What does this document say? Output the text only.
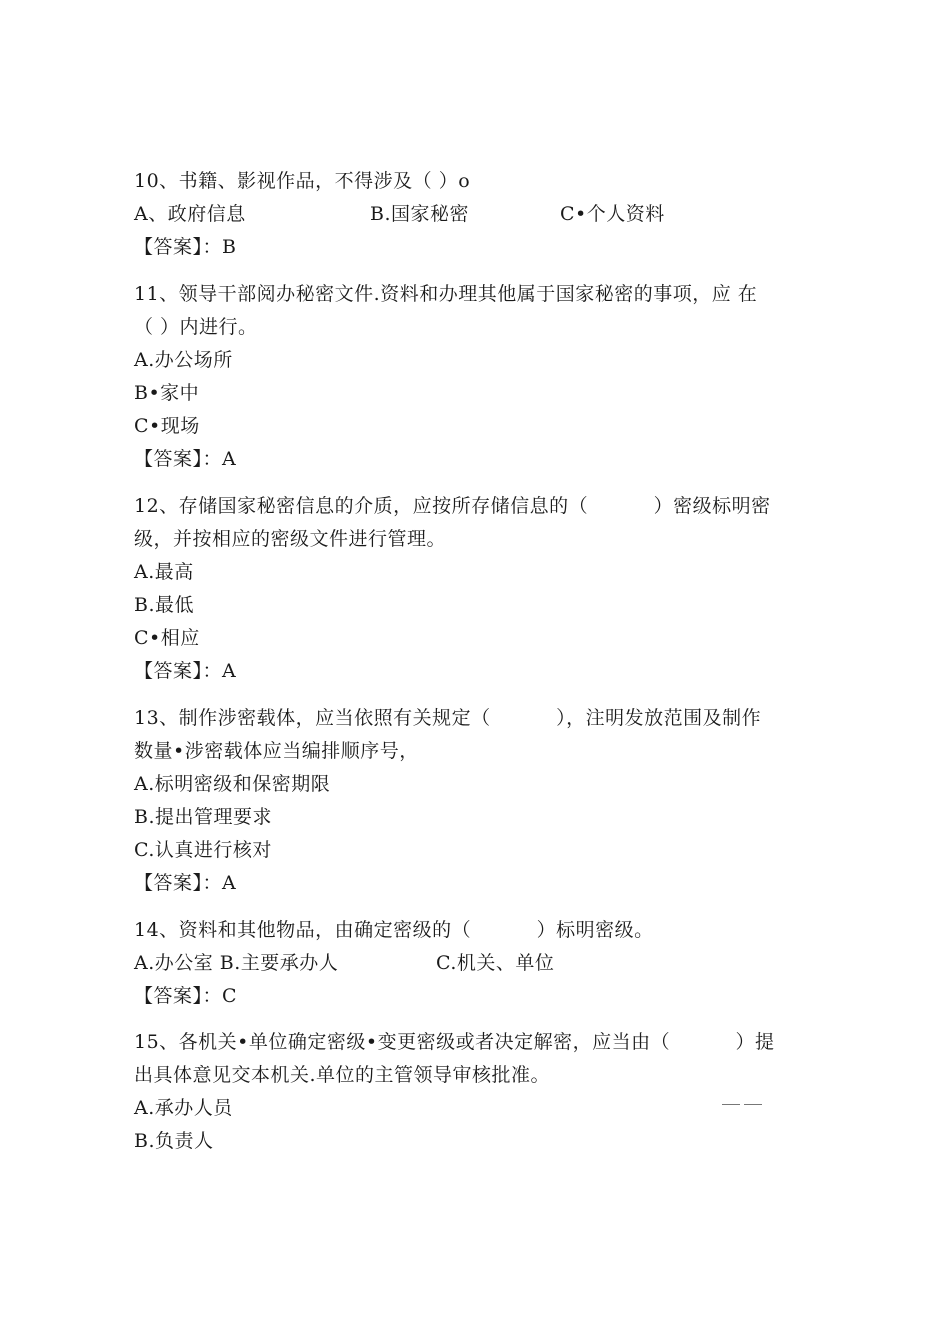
10、书籍、影视作品，不得涉及（ ）o
A、政府信息	B.国家秘密	C•个人资料
【答案】：B
11、领导干部阅办秘密文件.资料和办理其他属于国家秘密的事项，应 在
（ ）内进行。
A.办公场所
B•家中
C•现场
【答案】：A
12、存储国家秘密信息的介质，应按所存储信息的（          ）密级标明密
级，并按相应的密级文件进行管理。
A.最高
B.最低
C•相应
【答案】：A
13、制作涉密载体，应当依照有关规定（          ），注明发放范围及制作
数量•涉密载体应当编排顺序号，
A.标明密级和保密期限
B.提出管理要求
C.认真进行核对
【答案】：A
14、资料和其他物品，由确定密级的（          ）标明密级。
A.办公室 B.主要承办人	C.机关、单位
【答案】：C
15、各机关•单位确定密级•变更密级或者决定解密，应当由（          ）提
出具体意见交本机关.单位的主管领导审核批准。
A.承办人员
B.负责人
